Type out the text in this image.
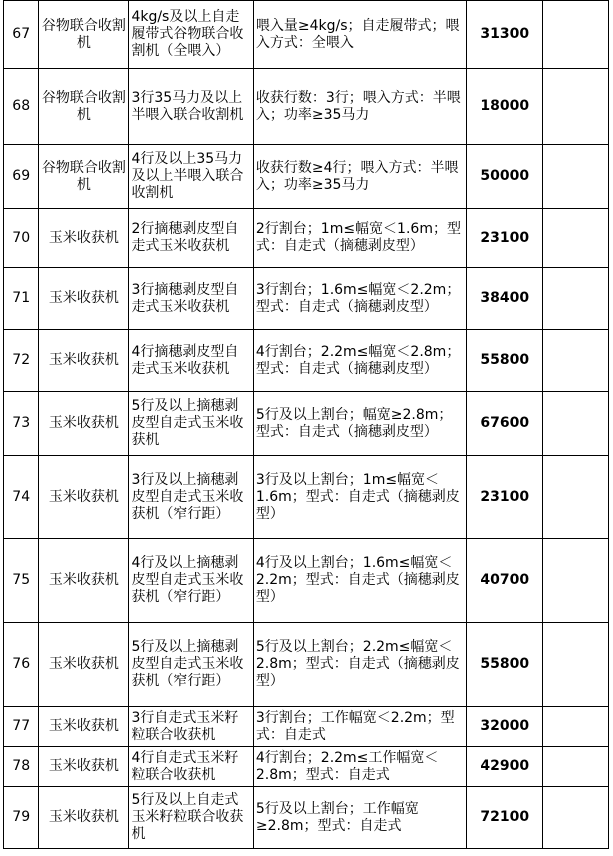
67	谷物联合收割机	4kg/s及以上自走履带式谷物联合收割机（全喂入）	喂入量≥4kg/s；自走履带式；喂入方式：全喂入	31300	
68	谷物联合收割机	3行35马力及以上半喂入联合收割机	收获行数：3行；喂入方式：半喂入；功率≥35马力	18000	
69	谷物联合收割机	4行及以上35马力及以上半喂入联合收割机	收获行数≥4行；喂入方式：半喂入；功率≥35马力	50000	
70	玉米收获机	2行摘穗剥皮型自走式玉米收获机	2行割台；1m≤幅宽＜1.6m；型式：自走式（摘穗剥皮型）	23100	
71	玉米收获机	3行摘穗剥皮型自走式玉米收获机	3行割台；1.6m≤幅宽＜2.2m；型式：自走式（摘穗剥皮型）	38400	
72	玉米收获机	4行摘穗剥皮型自走式玉米收获机	4行割台；2.2m≤幅宽＜2.8m；型式：自走式（摘穗剥皮型）	55800	
73	玉米收获机	5行及以上摘穗剥皮型自走式玉米收获机	5行及以上割台；幅宽≥2.8m；型式：自走式（摘穗剥皮型）	67600	
74	玉米收获机	3行及以上摘穗剥皮型自走式玉米收获机（窄行距）	3行及以上割台；1m≤幅宽＜1.6m；型式：自走式（摘穗剥皮型）	23100	
75	玉米收获机	4行及以上摘穗剥皮型自走式玉米收获机（窄行距）	4行及以上割台；1.6m≤幅宽＜2.2m；型式：自走式（摘穗剥皮型）	40700	
76	玉米收获机	5行及以上摘穗剥皮型自走式玉米收获机（窄行距）	5行及以上割台；2.2m≤幅宽＜2.8m；型式：自走式（摘穗剥皮型）	55800	
77	玉米收获机	3行自走式玉米籽粒联合收获机	3行割台；工作幅宽＜2.2m；型式：自走式	32000	
78	玉米收获机	4行自走式玉米籽粒联合收获机	4行割台；2.2m≤工作幅宽＜2.8m；型式：自走式	42900	
79	玉米收获机	5行及以上自走式玉米籽粒联合收获机	5行及以上割台；工作幅宽≥2.8m；型式：自走式	72100	
